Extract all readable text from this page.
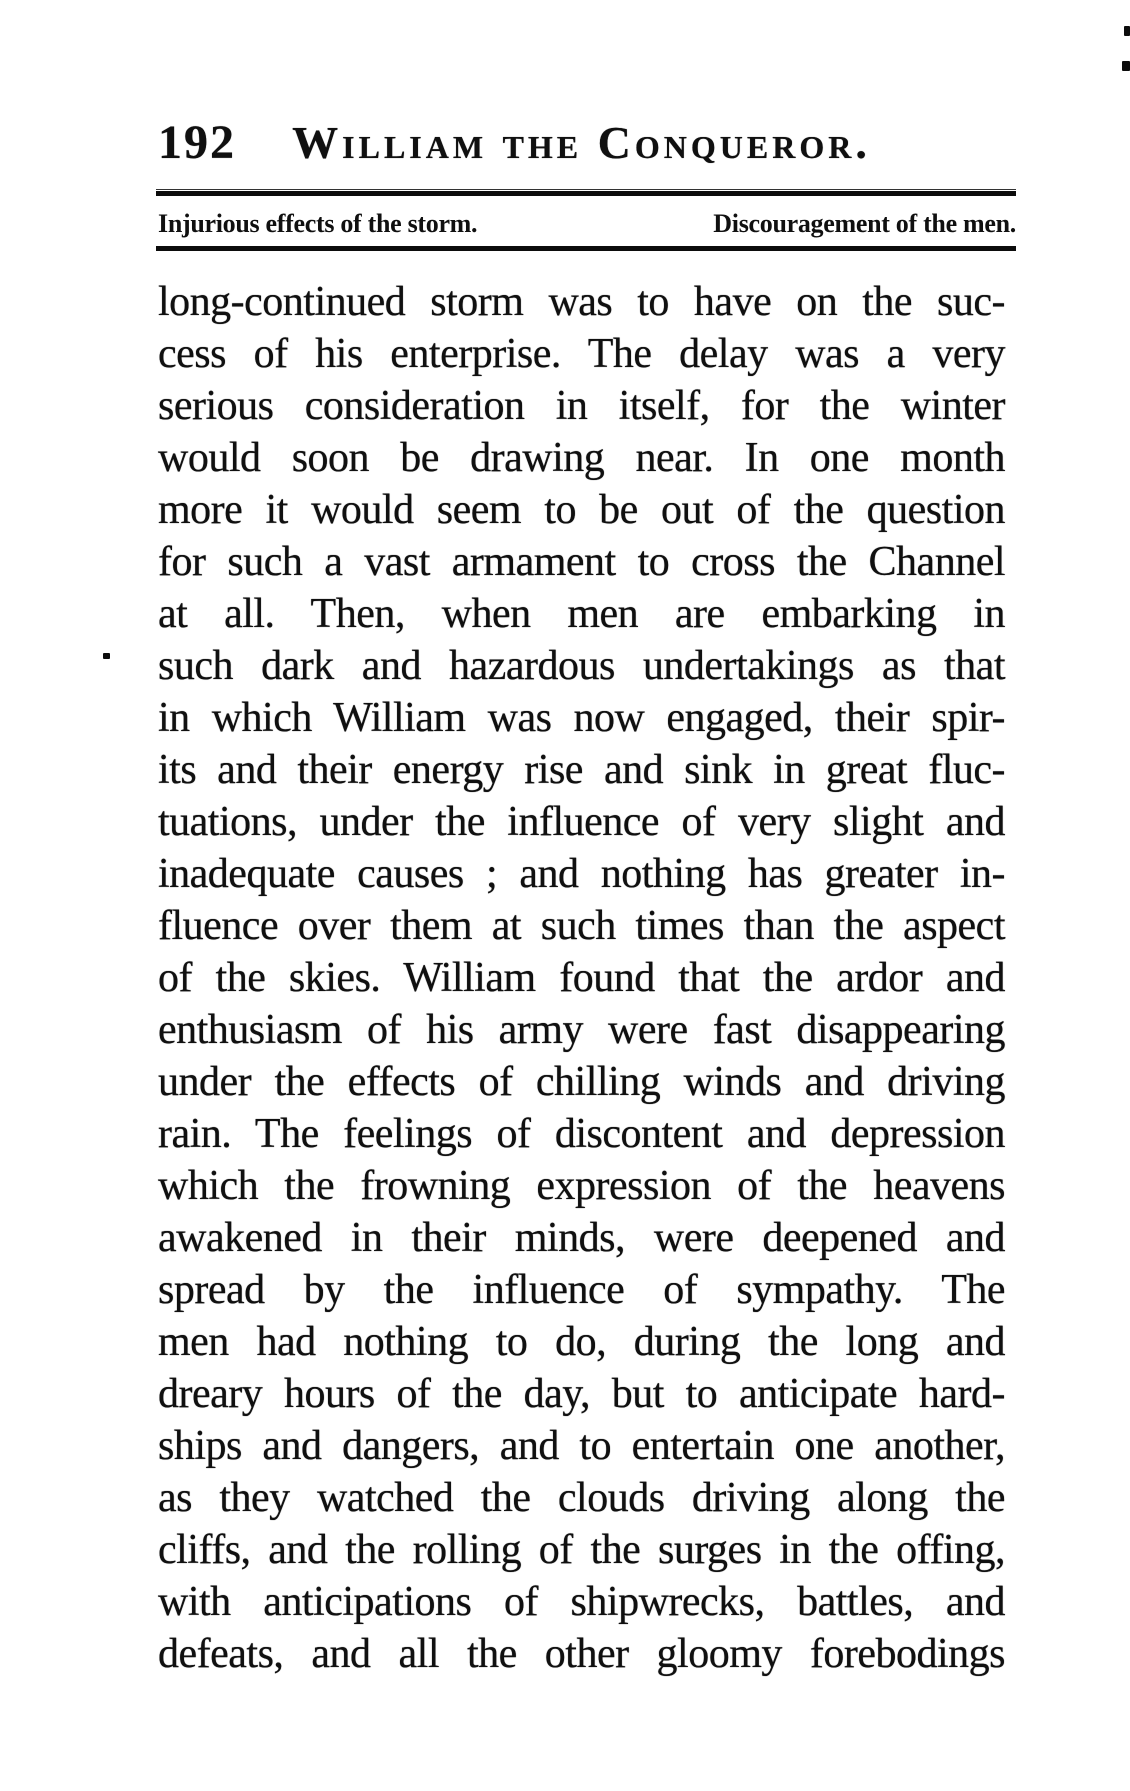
192 William the Conqueror.
Injurious effects of the storm.	Discouragement of the men.
long-continued storm was to have on the suc-
cess of his enterprise. The delay was a very
serious consideration in itself, for the winter
would soon be drawing near. In one month
more it would seem to be out of the question
for such a vast armament to cross the Channel
at all. Then, when men are embarking in
such dark and hazardous undertakings as that
in which William was now engaged, their spir-
its and their energy rise and sink in great fluc-
tuations, under the influence of very slight and
inadequate causes ; and nothing has greater in-
fluence over them at such times than the aspect
of the skies. William found that the ardor and
enthusiasm of his army were fast disappearing
under the effects of chilling winds and driving
rain. The feelings of discontent and depression
which the frowning expression of the heavens
awakened in their minds, were deepened and
spread by the influence of sympathy. The
men had nothing to do, during the long and
dreary hours of the day, but to anticipate hard-
ships and dangers, and to entertain one another,
as they watched the clouds driving along the
cliffs, and the rolling of the surges in the offing,
with anticipations of shipwrecks, battles, and
defeats, and all the other gloomy forebodings
